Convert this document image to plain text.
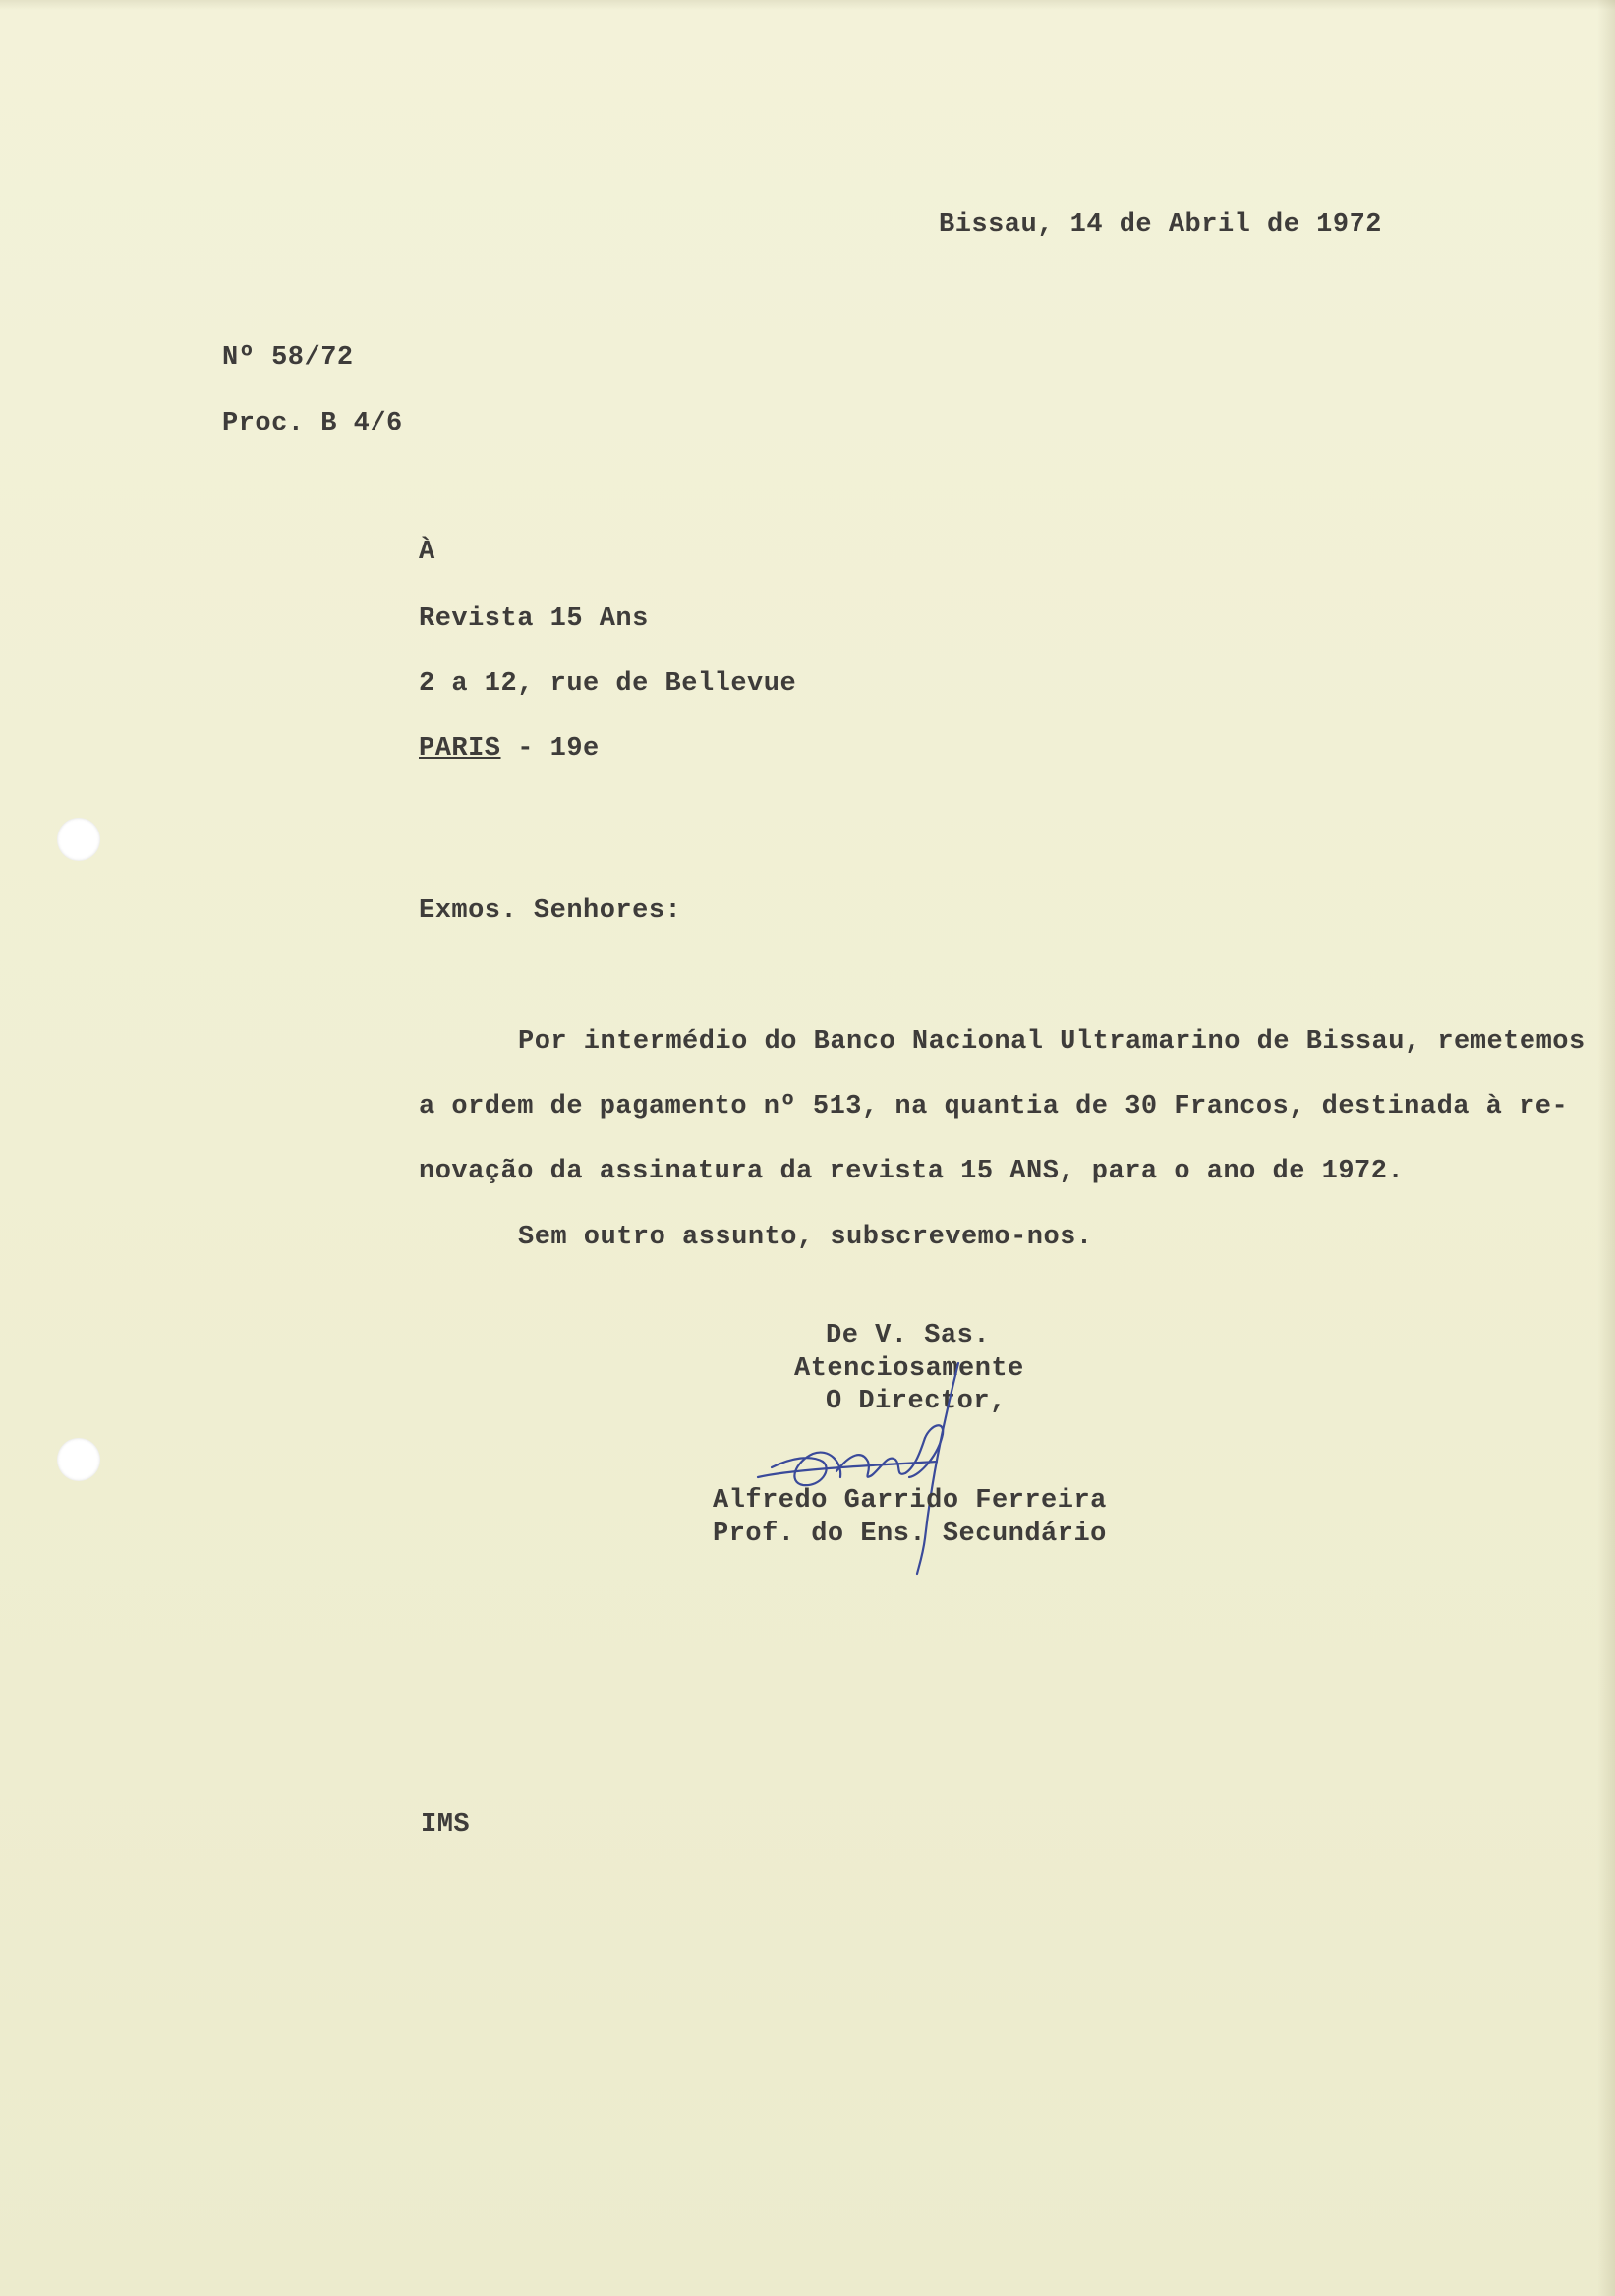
Bissau, 14 de Abril de 1972
Nº 58/72
Proc. B 4/6
À
Revista 15 Ans
2 a 12, rue de Bellevue
PARIS - 19e
Exmos. Senhores:
Por intermédio do Banco Nacional Ultramarino de Bissau, remetemos
a ordem de pagamento nº 513, na quantia de 30 Francos, destinada à re-
novação da assinatura da revista 15 ANS, para o ano de 1972.
Sem outro assunto, subscrevemo-nos.
De V. Sas.
Atenciosamente
O Director,
Alfredo Garrido Ferreira
Prof. do Ens. Secundário
IMS
